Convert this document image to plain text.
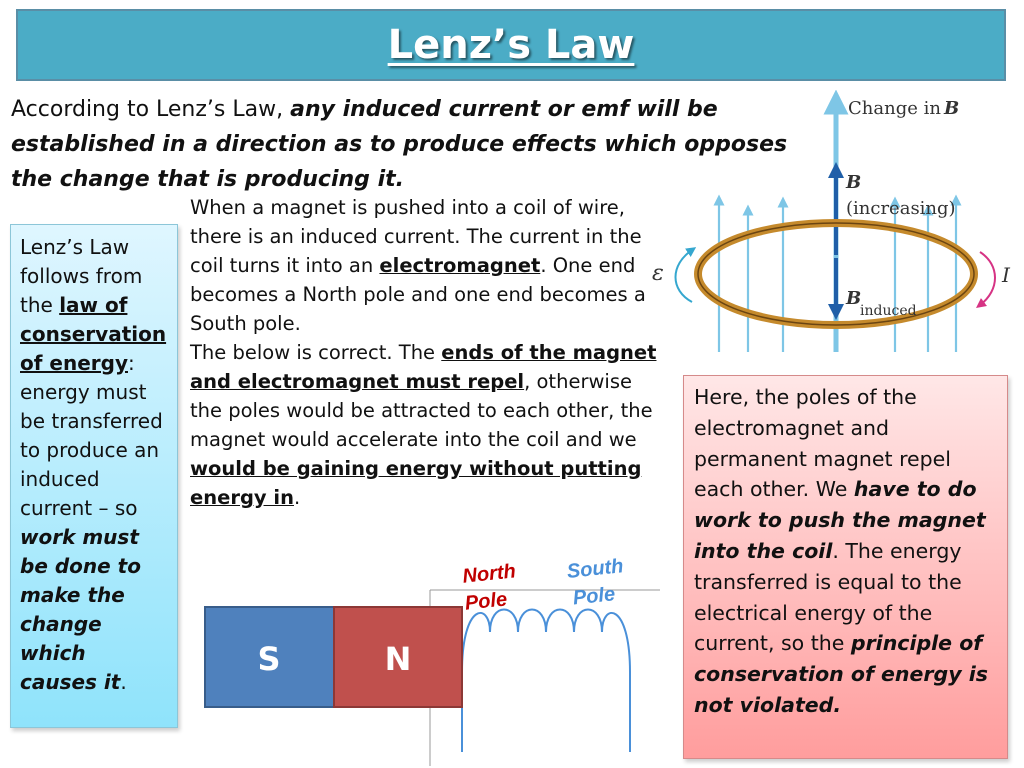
Lenz’s Law

According to Lenz’s Law, any induced current or emf will be established in a direction as to produce effects which opposes the change that is producing it.

Lenz’s Law follows from the law of conservation of energy: energy must be transferred to produce an induced current – so work must be done to make the change which causes it.

When a magnet is pushed into a coil of wire, there is an induced current. The current in the coil turns it into an electromagnet. One end becomes a North pole and one end becomes a South pole.

The below is correct. The ends of the magnet and electromagnet must repel, otherwise the poles would be attracted to each other, the magnet would accelerate into the coil and we would be gaining energy without putting energy in.

Here, the poles of the electromagnet and permanent magnet repel each other. We have to do work to push the magnet into the coil. The energy transferred is equal to the electrical energy of the current, so the principle of conservation of energy is not violated.
Change in B
B
(increasing)
B
induced
ε	I
S	N
North
Pole
South
Pole
